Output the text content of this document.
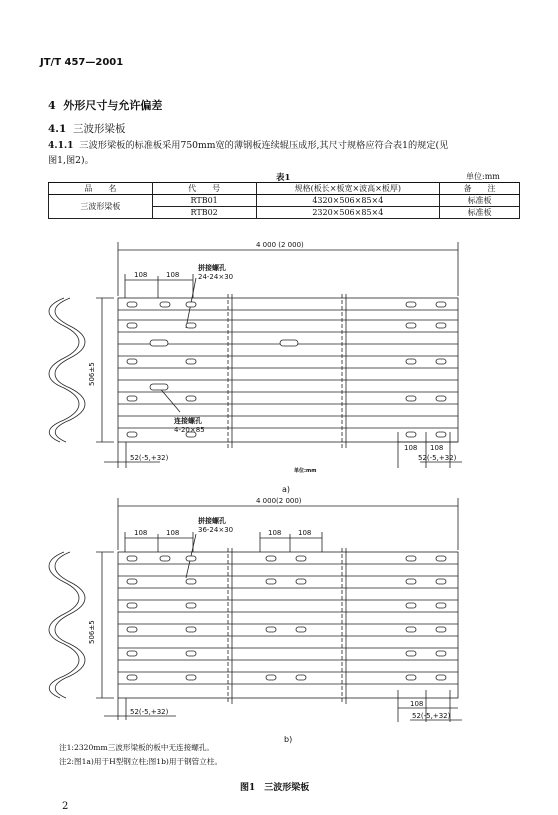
JT/T 457—2001
4 外形尺寸与允许偏差
4.1 三波形梁板
4.1.1 三波形梁板的标准板采用750mm宽的薄钢板连续辊压成形,其尺寸规格应符合表1的规定(见
图1,图2)。
表1	单位:mm
品　　名	代　　号	规格(板长×板宽×波高×板厚)	备　　注
三波形梁板	RTB01	4320×506×85×4	标准板
	RTB02	2320×506×85×4	标准板
4 000 (2 000)
108	108
拼接螺孔
24-24×30
连接螺孔
4-20×85
506±5
52(-5,+32)
108 108
52(-5,+32)
单位:mm
a)
4 000(2 000)
108	108	108 108
拼接螺孔
36-24×30
506±5
52(-5,+32)
108
52(-5,+32)
b)
注1:2320mm三波形梁板的板中无连接螺孔。
注2:图1a)用于H型钢立柱;图1b)用于钢管立柱。
图1　三波形梁板
2
